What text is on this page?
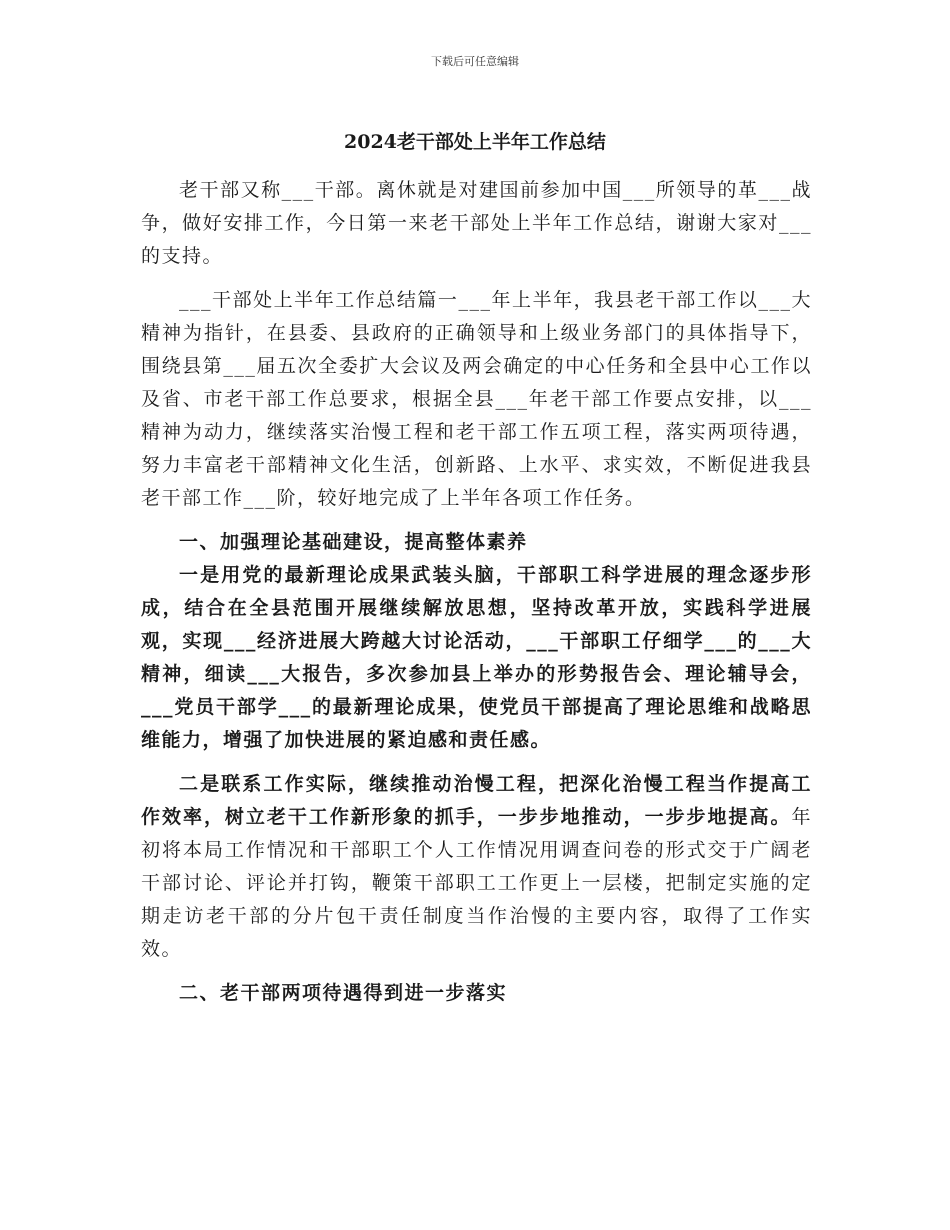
下载后可任意编辑
2024老干部处上半年工作总结

老干部又称___干部。离休就是对建国前参加中国___所领导的革___战争，做好安排工作，今日第一来老干部处上半年工作总结，谢谢大家对___的支持。

___干部处上半年工作总结篇一___年上半年，我县老干部工作以___大精神为指针，在县委、县政府的正确领导和上级业务部门的具体指导下，围绕县第___届五次全委扩大会议及两会确定的中心任务和全县中心工作以及省、市老干部工作总要求，根据全县___年老干部工作要点安排，以___精神为动力，继续落实治慢工程和老干部工作五项工程，落实两项待遇，努力丰富老干部精神文化生活，创新路、上水平、求实效，不断促进我县老干部工作___阶，较好地完成了上半年各项工作任务。

一、加强理论基础建设，提高整体素养

一是用党的最新理论成果武装头脑，干部职工科学进展的理念逐步形成，结合在全县范围开展继续解放思想，坚持改革开放，实践科学进展观，实现___经济进展大跨越大讨论活动，___干部职工仔细学___的___大精神，细读___大报告，多次参加县上举办的形势报告会、理论辅导会，___党员干部学___的最新理论成果，使党员干部提高了理论思维和战略思维能力，增强了加快进展的紧迫感和责任感。

二是联系工作实际，继续推动治慢工程，把深化治慢工程当作提高工作效率，树立老干工作新形象的抓手，一步步地推动，一步步地提高。年初将本局工作情况和干部职工个人工作情况用调查问卷的形式交于广阔老干部讨论、评论并打钩，鞭策干部职工工作更上一层楼，把制定实施的定期走访老干部的分片包干责任制度当作治慢的主要内容，取得了工作实效。

二、老干部两项待遇得到进一步落实
